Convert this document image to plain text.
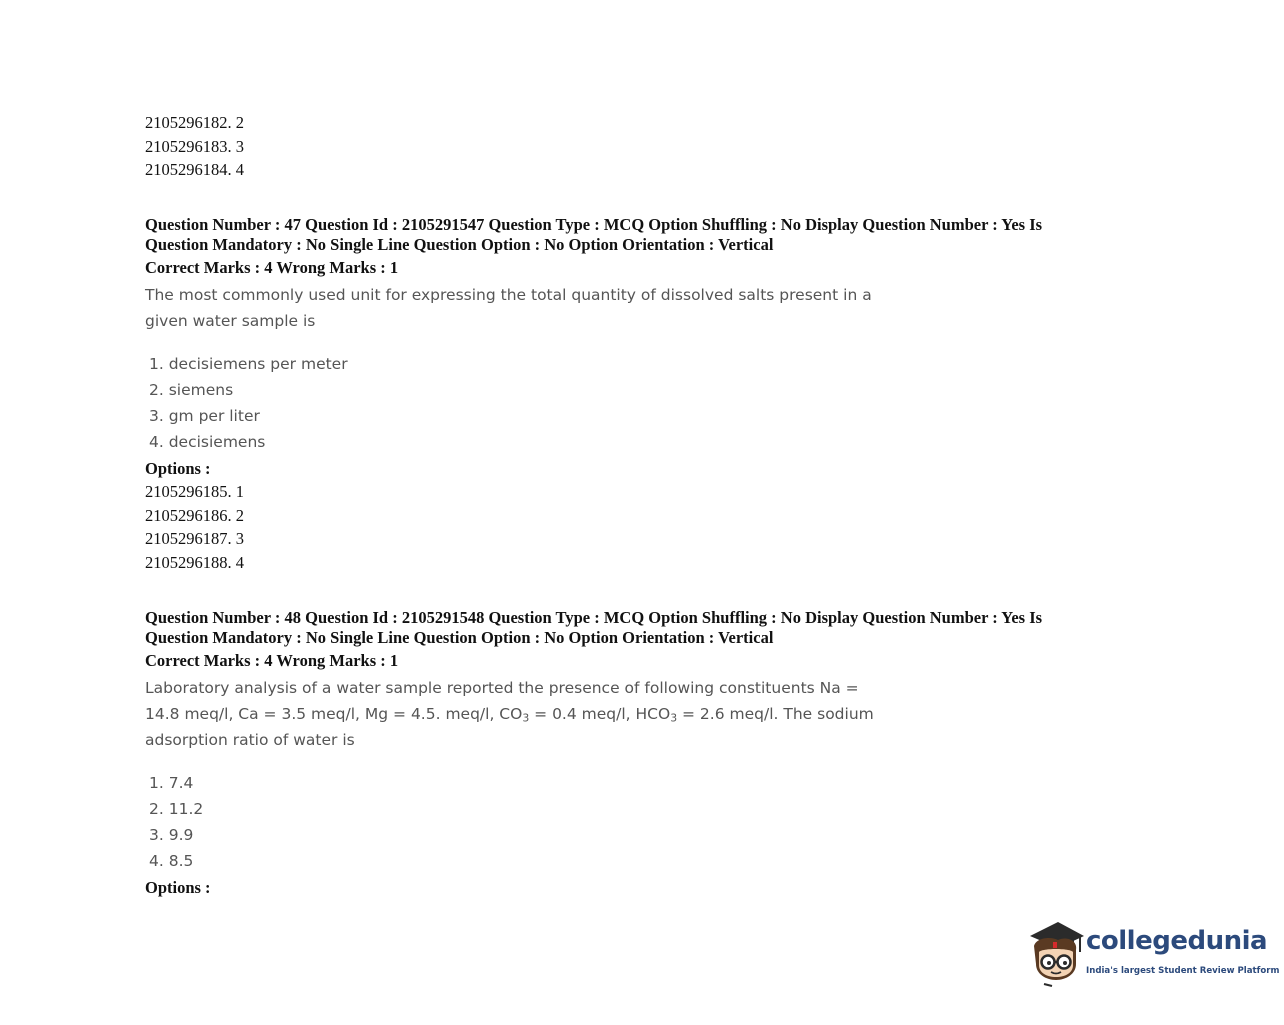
2105296182. 2
2105296183. 3
2105296184. 4
Question Number : 47 Question Id : 2105291547 Question Type : MCQ Option Shuffling : No Display Question Number : Yes Is
Question Mandatory : No Single Line Question Option : No Option Orientation : Vertical
Correct Marks : 4 Wrong Marks : 1
The most commonly used unit for expressing the total quantity of dissolved salts present in a
given water sample is
1. decisiemens per meter
2. siemens
3. gm per liter
4. decisiemens
Options :
2105296185. 1
2105296186. 2
2105296187. 3
2105296188. 4
Question Number : 48 Question Id : 2105291548 Question Type : MCQ Option Shuffling : No Display Question Number : Yes Is
Question Mandatory : No Single Line Question Option : No Option Orientation : Vertical
Correct Marks : 4 Wrong Marks : 1
Laboratory analysis of a water sample reported the presence of following constituents Na =
14.8 meq/l, Ca = 3.5 meq/l, Mg = 4.5. meq/l, $CO_3 = 0.4$ meq/l, $HCO_3 = 2.6$ meq/l. The sodium
adsorption ratio of water is
1. 7.4
2. 11.2
3. 9.9
4. 8.5
Options :
collegedunia
India's largest Student Review Platform
